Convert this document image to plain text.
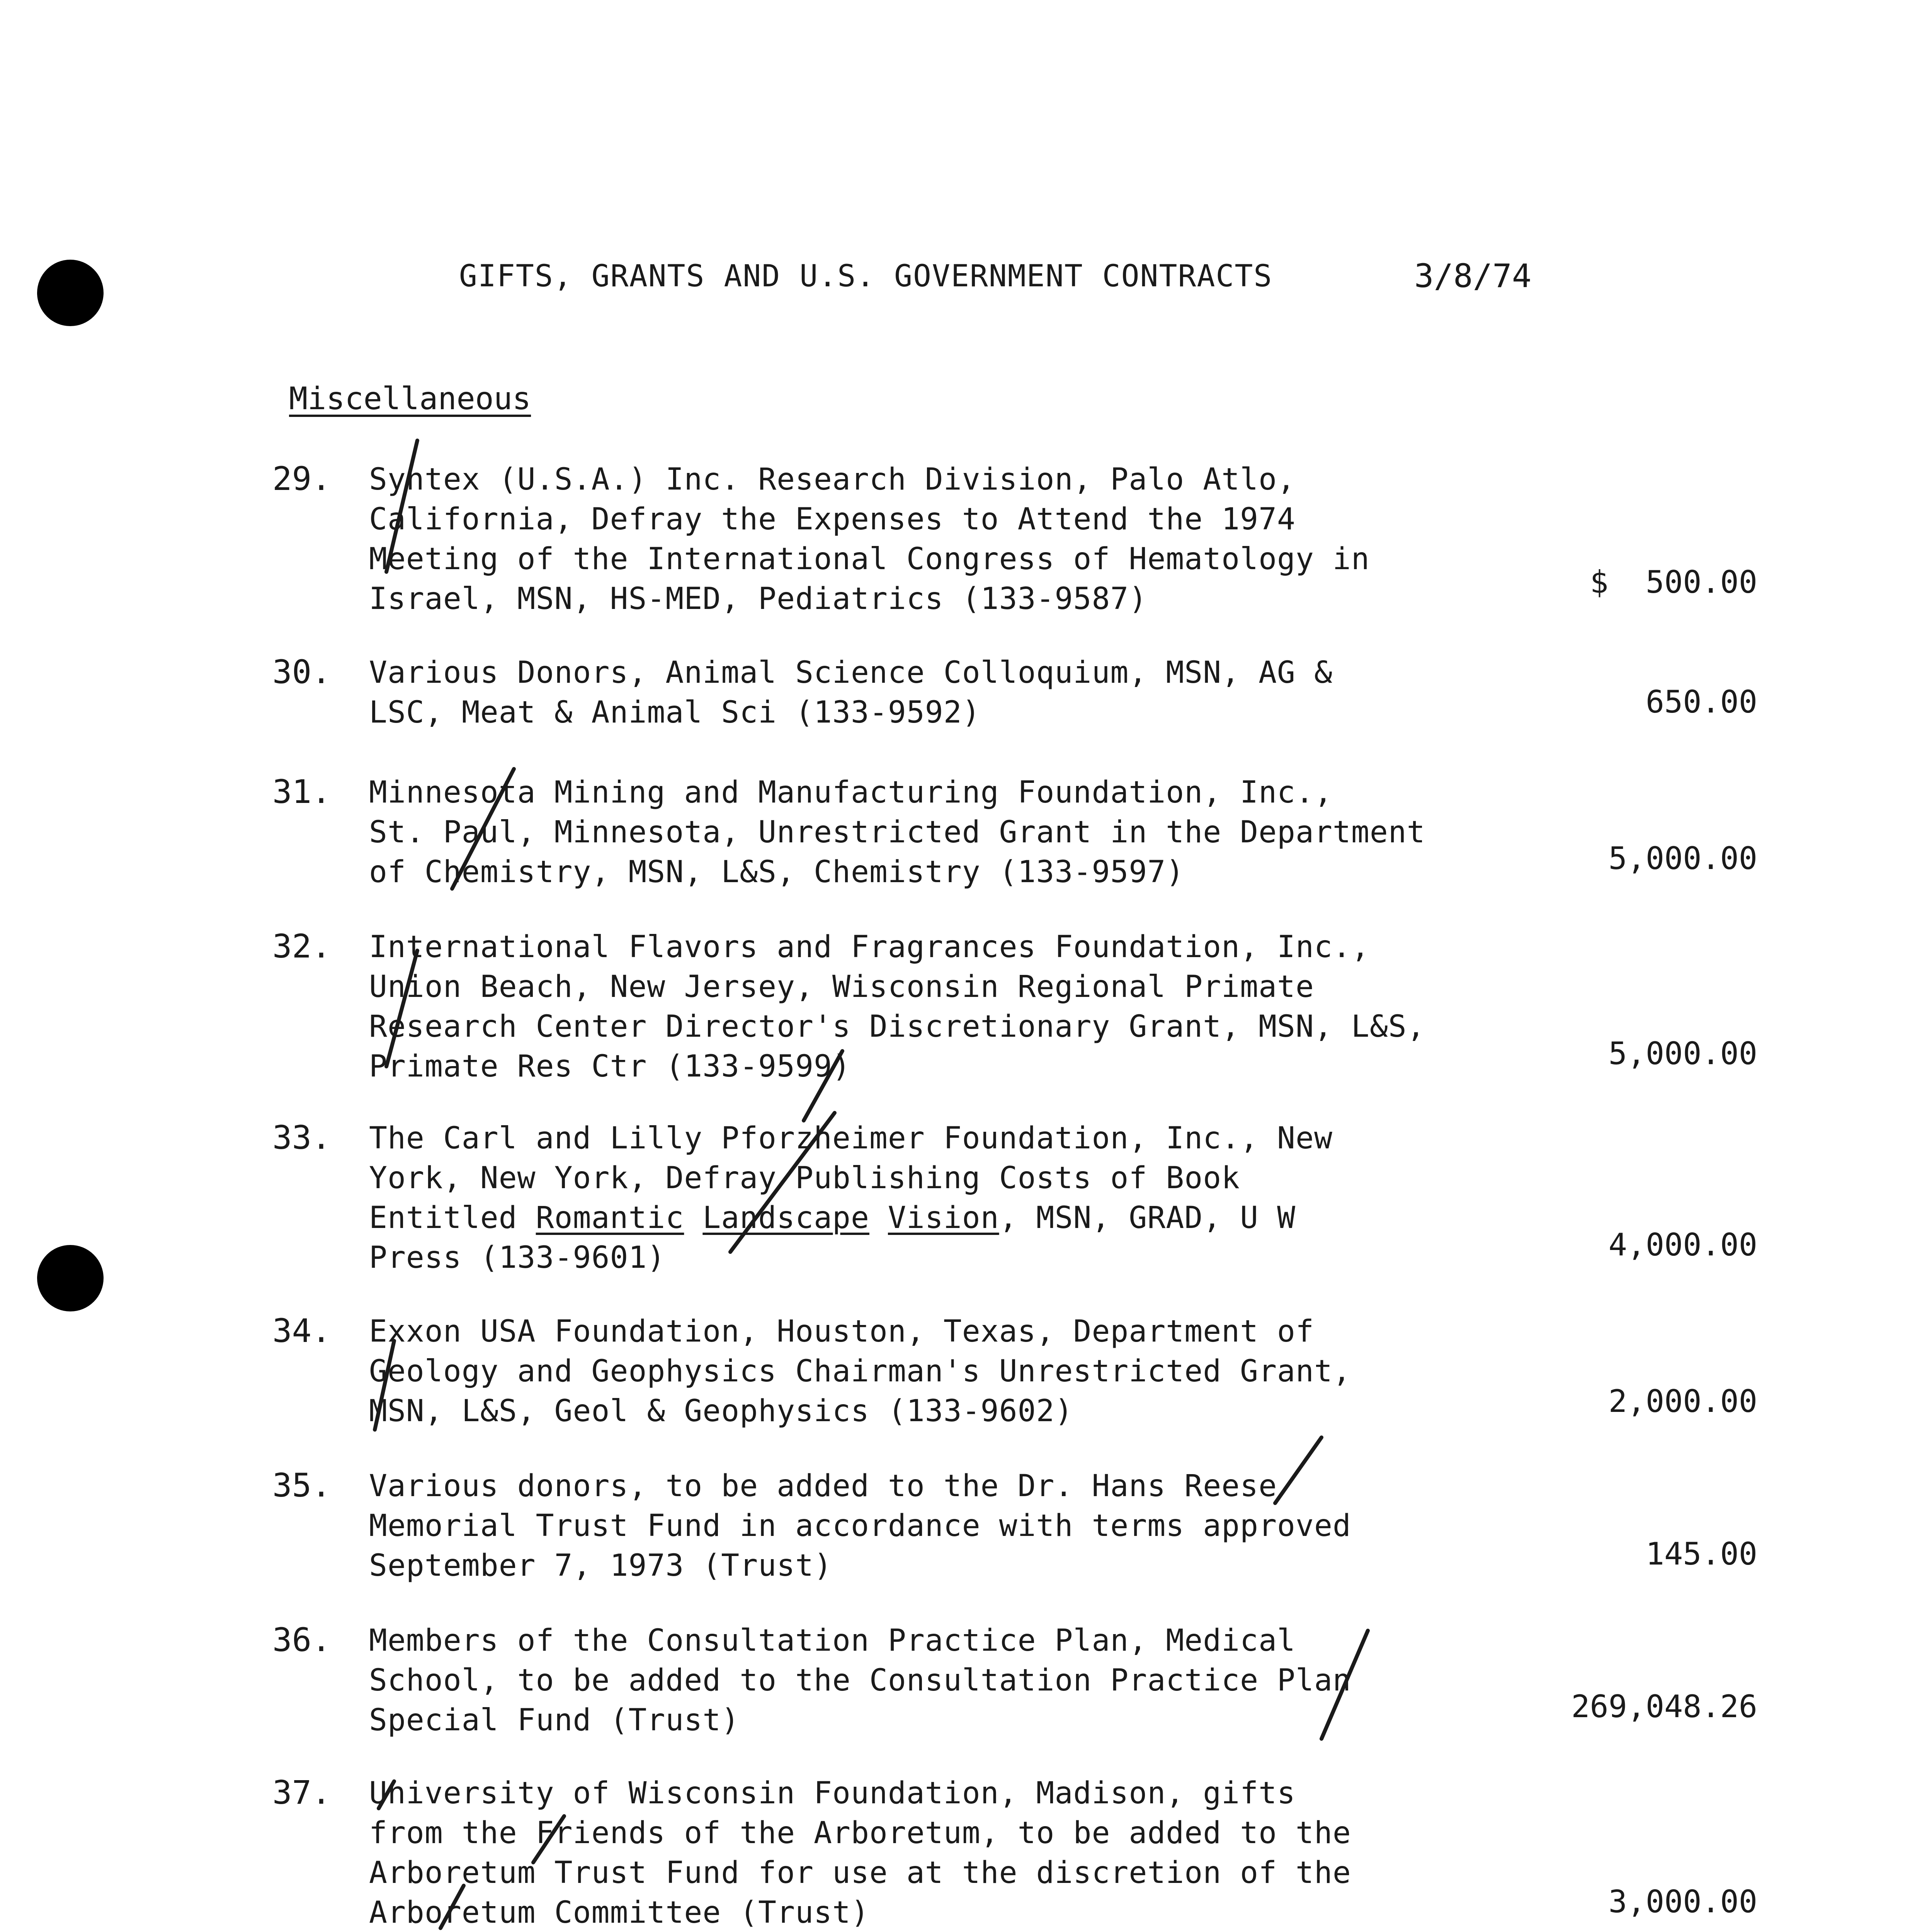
GIFTS, GRANTS AND U.S. GOVERNMENT CONTRACTS	3/8/74
Miscellaneous
29. Syntex (U.S.A.) Inc. Research Division, Palo Atlo,
California, Defray the Expenses to Attend the 1974
Meeting of the International Congress of Hematology in
Israel, MSN, HS-MED, Pediatrics (133-9587)	$  500.00
30. Various Donors, Animal Science Colloquium, MSN, AG &
LSC, Meat & Animal Sci (133-9592)	650.00
31. Minnesota Mining and Manufacturing Foundation, Inc.,
St. Paul, Minnesota, Unrestricted Grant in the Department
of Chemistry, MSN, L&S, Chemistry (133-9597)	5,000.00
32. International Flavors and Fragrances Foundation, Inc.,
Union Beach, New Jersey, Wisconsin Regional Primate
Research Center Director's Discretionary Grant, MSN, L&S,
Primate Res Ctr (133-9599)	5,000.00
33. The Carl and Lilly Pforzheimer Foundation, Inc., New
York, New York, Defray Publishing Costs of Book
Entitled Romantic Landscape Vision, MSN, GRAD, U W
Press (133-9601)	4,000.00
34. Exxon USA Foundation, Houston, Texas, Department of
Geology and Geophysics Chairman's Unrestricted Grant,
MSN, L&S, Geol & Geophysics (133-9602)	2,000.00
35. Various donors, to be added to the Dr. Hans Reese
Memorial Trust Fund in accordance with terms approved
September 7, 1973 (Trust)	145.00
36. Members of the Consultation Practice Plan, Medical
School, to be added to the Consultation Practice Plan
Special Fund (Trust)	269,048.26
37. University of Wisconsin Foundation, Madison, gifts
from the Friends of the Arboretum, to be added to the
Arboretum Trust Fund for use at the discretion of the
Arboretum Committee (Trust)	3,000.00
